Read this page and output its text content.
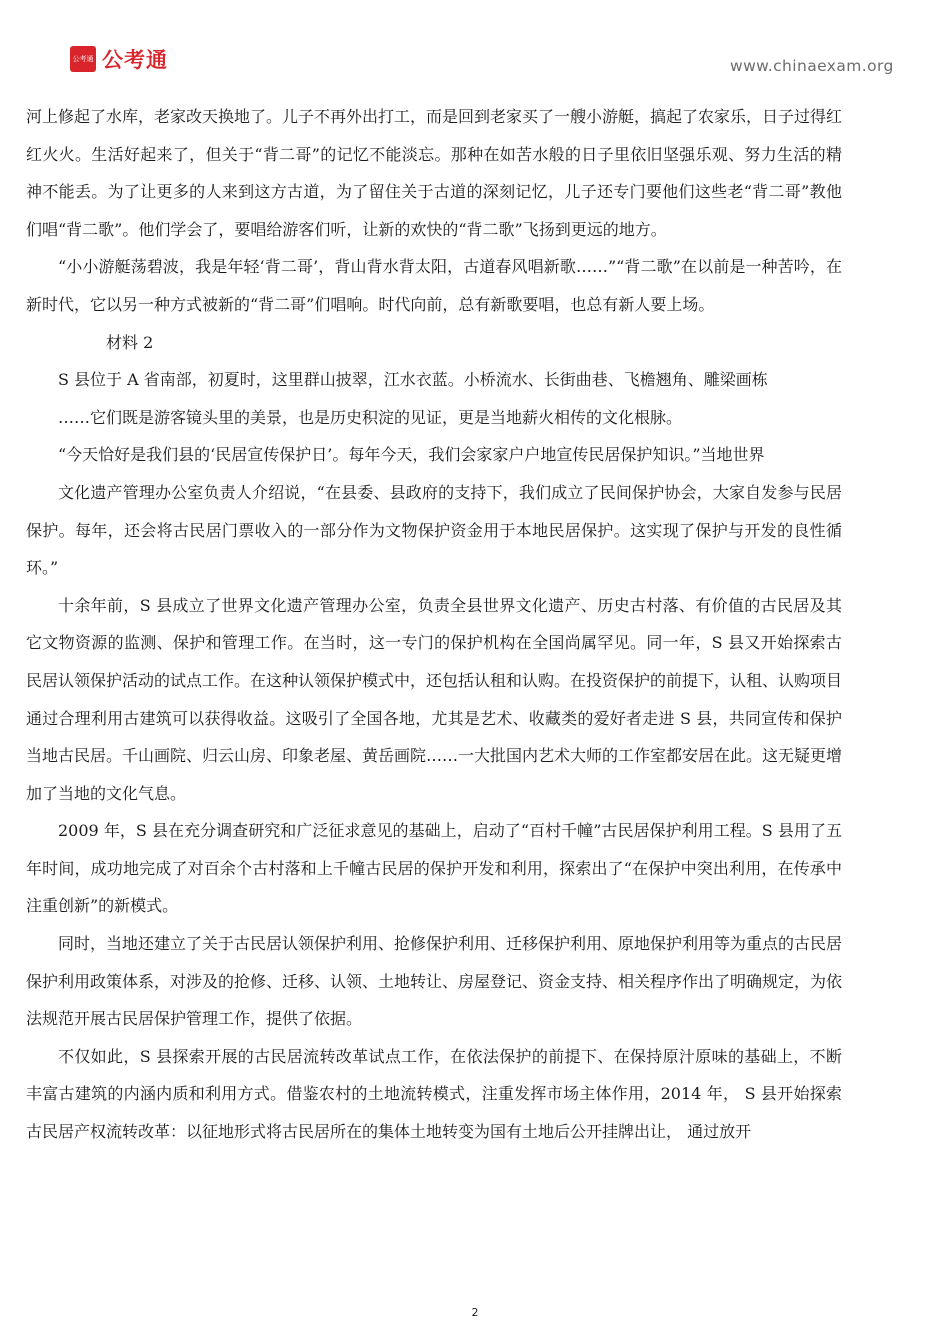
公考通 公考通	www.chinaexam.org

河上修起了水库，老家改天换地了。儿子不再外出打工，而是回到老家买了一艘小游艇，搞起了农家乐，日子过得红红火火。生活好起来了，但关于“背二哥”的记忆不能淡忘。那种在如苦水般的日子里依旧坚强乐观、努力生活的精神不能丢。为了让更多的人来到这方古道，为了留住关于古道的深刻记忆，儿子还专门要他们这些老“背二哥”教他们唱“背二歌”。他们学会了，要唱给游客们听，让新的欢快的“背二歌”飞扬到更远的地方。

“小小游艇荡碧波，我是年轻‘背二哥’，背山背水背太阳，古道春风唱新歌……”“背二歌”在以前是一种苦吟，在新时代，它以另一种方式被新的“背二哥”们唱响。时代向前，总有新歌要唱，也总有新人要上场。

材料 2

S 县位于 A 省南部，初夏时，这里群山披翠，江水衣蓝。小桥流水、长街曲巷、飞檐翘角、雕梁画栋

……它们既是游客镜头里的美景，也是历史积淀的见证，更是当地薪火相传的文化根脉。

“今天恰好是我们县的‘民居宣传保护日’。每年今天，我们会家家户户地宣传民居保护知识。”当地世界

文化遗产管理办公室负责人介绍说，“在县委、县政府的支持下，我们成立了民间保护协会，大家自发参与民居保护。每年，还会将古民居门票收入的一部分作为文物保护资金用于本地民居保护。这实现了保护与开发的良性循环。”

十余年前，S 县成立了世界文化遗产管理办公室，负责全县世界文化遗产、历史古村落、有价值的古民居及其它文物资源的监测、保护和管理工作。在当时，这一专门的保护机构在全国尚属罕见。同一年，S 县又开始探索古民居认领保护活动的试点工作。在这种认领保护模式中，还包括认租和认购。在投资保护的前提下，认租、认购项目通过合理利用古建筑可以获得收益。这吸引了全国各地，尤其是艺术、收藏类的爱好者走进 S 县，共同宣传和保护当地古民居。千山画院、归云山房、印象老屋、黄岳画院……一大批国内艺术大师的工作室都安居在此。这无疑更增加了当地的文化气息。

2009 年，S 县在充分调查研究和广泛征求意见的基础上，启动了“百村千幢”古民居保护利用工程。S 县用了五年时间，成功地完成了对百余个古村落和上千幢古民居的保护开发和利用，探索出了“在保护中突出利用，在传承中注重创新”的新模式。

同时，当地还建立了关于古民居认领保护利用、抢修保护利用、迁移保护利用、原地保护利用等为重点的古民居保护利用政策体系，对涉及的抢修、迁移、认领、土地转让、房屋登记、资金支持、相关程序作出了明确规定，为依法规范开展古民居保护管理工作，提供了依据。

不仅如此，S 县探索开展的古民居流转改革试点工作，在依法保护的前提下、在保持原汁原味的基础上，不断丰富古建筑的内涵内质和利用方式。借鉴农村的土地流转模式，注重发挥市场主体作用，2014 年， S 县开始探索古民居产权流转改革：以征地形式将古民居所在的集体土地转变为国有土地后公开挂牌出让， 通过放开

2
